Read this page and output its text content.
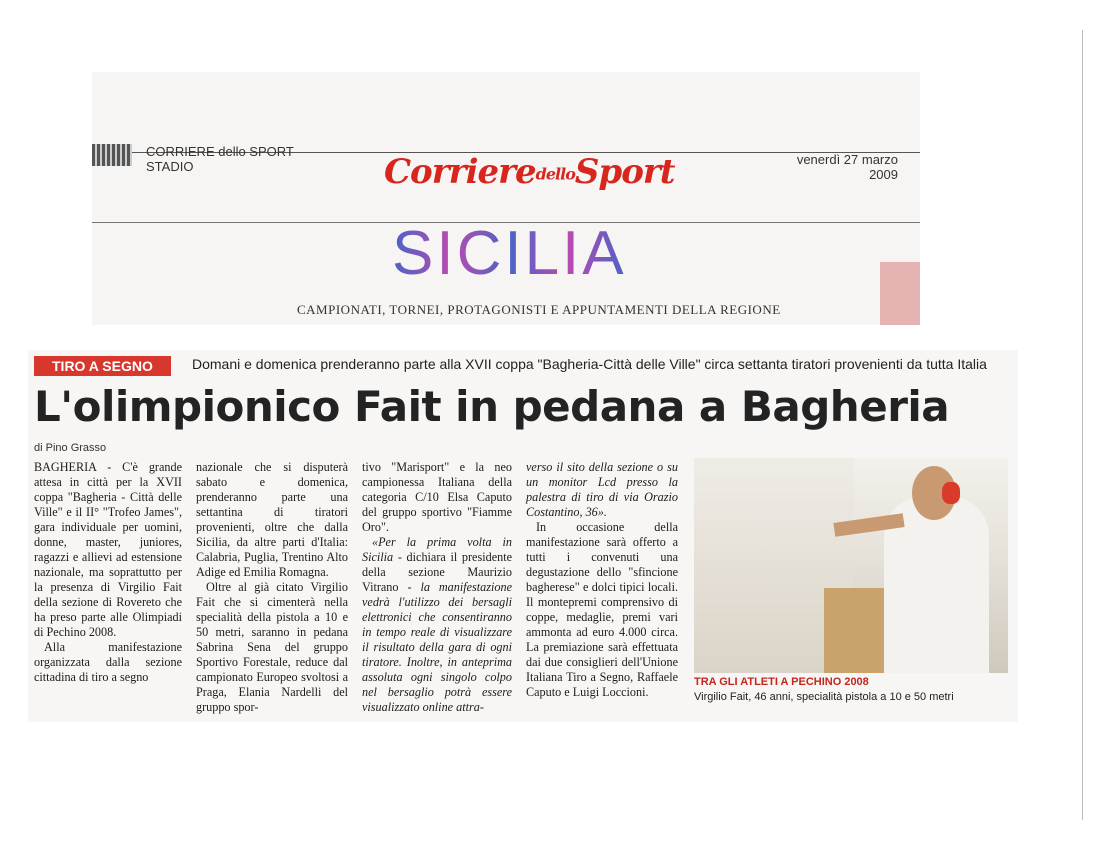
CORRIERE dello SPORT
STADIO	CorrieredelloSport	venerdì 27 marzo
2009
SICILIA
CAMPIONATI, TORNEI, PROTAGONISTI E APPUNTAMENTI DELLA REGIONE
TIRO A SEGNO	Domani e domenica prenderanno parte alla XVII coppa "Bagheria-Città delle Ville" circa settanta tiratori provenienti da tutta Italia
L'olimpionico Fait in pedana a Bagheria
di Pino Grasso

BAGHERIA - C'è grande attesa in città per la XVII coppa "Bagheria - Città delle Ville" e il II° "Trofeo James", gara individuale per uomini, donne, master, juniores, ragazzi e allievi ad estensione nazionale, ma soprattutto per la presenza di Virgilio Fait della sezione di Rovereto che ha preso parte alle Olimpiadi di Pechino 2008.

Alla manifestazione organizzata dalla sezione cittadina di tiro a segno

nazionale che si disputerà sabato e domenica, prenderanno parte una settantina di tiratori provenienti, oltre che dalla Sicilia, da altre parti d'Italia: Calabria, Puglia, Trentino Alto Adige ed Emilia Romagna.

Oltre al già citato Virgilio Fait che si cimenterà nella specialità della pistola a 10 e 50 metri, saranno in pedana Sabrina Sena del gruppo Sportivo Forestale, reduce dal campionato Europeo svoltosi a Praga, Elania Nardelli del gruppo spor-

tivo "Marisport" e la neo campionessa Italiana della categoria C/10 Elsa Caputo del gruppo sportivo "Fiamme Oro".

«Per la prima volta in Sicilia - dichiara il presidente della sezione Maurizio Vitrano - la manifestazione vedrà l'utilizzo dei bersagli elettronici che consentiranno in tempo reale di visualizzare il risultato della gara di ogni tiratore. Inoltre, in anteprima assoluta ogni singolo colpo nel bersaglio potrà essere visualizzato online attra-

verso il sito della sezione o su un monitor Lcd presso la palestra di tiro di via Orazio Costantino, 36».

In occasione della manifestazione sarà offerto a tutti i convenuti una degustazione dello "sfincione bagherese" e dolci tipici locali. Il montepremi comprensivo di coppe, medaglie, premi vari ammonta ad euro 4.000 circa. La premiazione sarà effettuata dai due consiglieri dell'Unione Italiana Tiro a Segno, Raffaele Caputo e Luigi Loccioni.

TRA GLI ATLETI A PECHINO 2008
Virgilio Fait, 46 anni, specialità pistola a 10 e 50 metri
